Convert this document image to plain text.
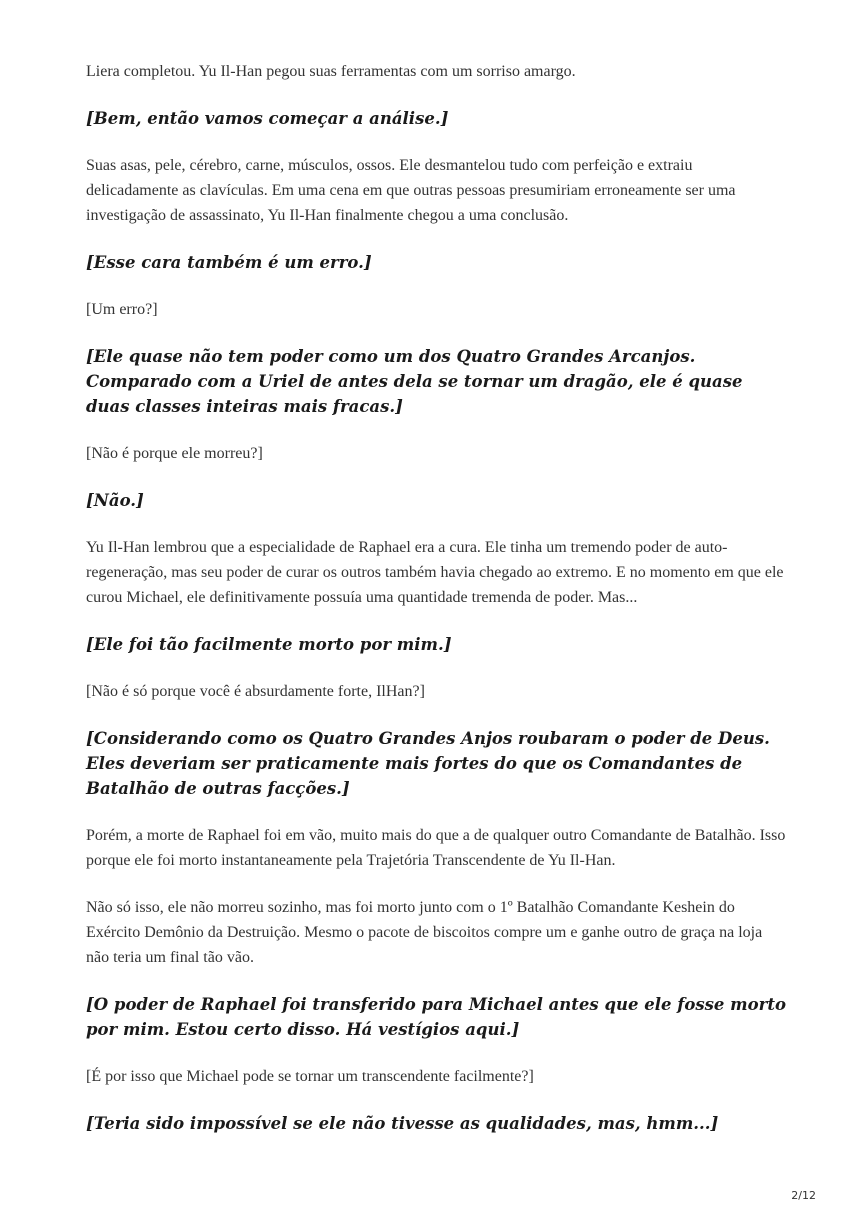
Liera completou. Yu Il-Han pegou suas ferramentas com um sorriso amargo.

[Bem, então vamos começar a análise.]

Suas asas, pele, cérebro, carne, músculos, ossos. Ele desmantelou tudo com perfeição e extraiu delicadamente as clavículas. Em uma cena em que outras pessoas presumiriam erroneamente ser uma investigação de assassinato, Yu Il-Han finalmente chegou a uma conclusão.

[Esse cara também é um erro.]

[Um erro?]

[Ele quase não tem poder como um dos Quatro Grandes Arcanjos. Comparado com a Uriel de antes dela se tornar um dragão, ele é quase duas classes inteiras mais fracas.]

[Não é porque ele morreu?]

[Não.]

Yu Il-Han lembrou que a especialidade de Raphael era a cura. Ele tinha um tremendo poder de auto-regeneração, mas seu poder de curar os outros também havia chegado ao extremo. E no momento em que ele curou Michael, ele definitivamente possuía uma quantidade tremenda de poder. Mas...

[Ele foi tão facilmente morto por mim.]

[Não é só porque você é absurdamente forte, IlHan?]

[Considerando como os Quatro Grandes Anjos roubaram o poder de Deus. Eles deveriam ser praticamente mais fortes do que os Comandantes de Batalhão de outras facções.]

Porém, a morte de Raphael foi em vão, muito mais do que a de qualquer outro Comandante de Batalhão. Isso porque ele foi morto instantaneamente pela Trajetória Transcendente de Yu Il-Han.

Não só isso, ele não morreu sozinho, mas foi morto junto com o 1º Batalhão Comandante Keshein do Exército Demônio da Destruição. Mesmo o pacote de biscoitos compre um e ganhe outro de graça na loja não teria um final tão vão.

[O poder de Raphael foi transferido para Michael antes que ele fosse morto por mim. Estou certo disso. Há vestígios aqui.]

[É por isso que Michael pode se tornar um transcendente facilmente?]

[Teria sido impossível se ele não tivesse as qualidades, mas, hmm...]

2/12
